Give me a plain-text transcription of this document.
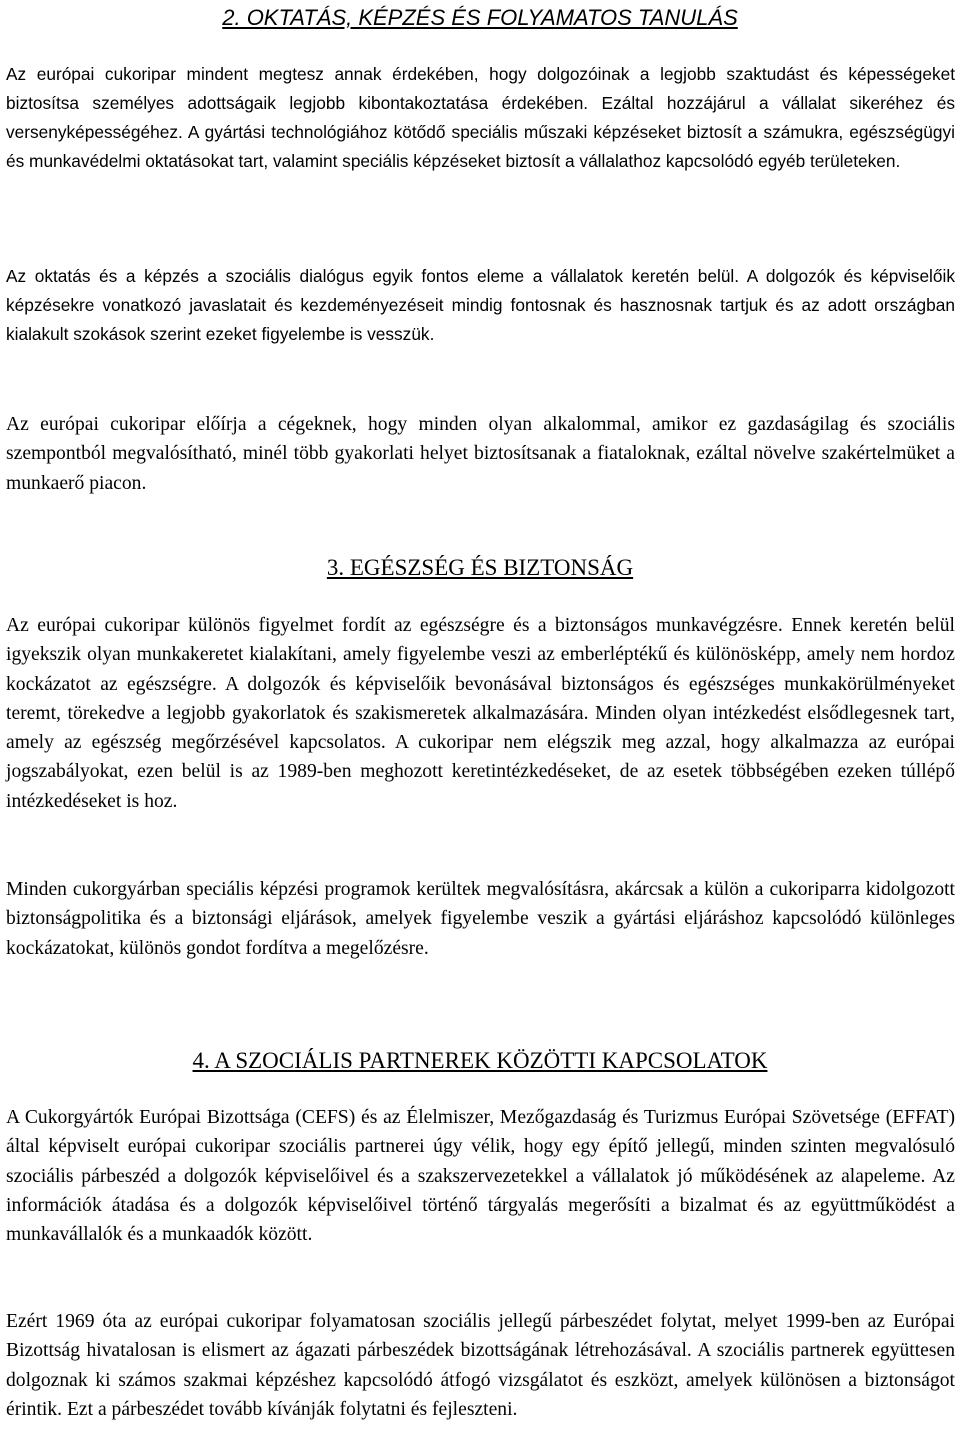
2. OKTATÁS, KÉPZÉS ÉS FOLYAMATOS TANULÁS

Az európai cukoripar mindent megtesz annak érdekében, hogy dolgozóinak a legjobb szaktudást és képességeket biztosítsa személyes adottságaik legjobb kibontakoztatása érdekében. Ezáltal hozzájárul a vállalat sikeréhez és versenyképességéhez. A gyártási technológiához kötődő speciális műszaki képzéseket biztosít a számukra, egészségügyi és munkavédelmi oktatásokat tart, valamint speciális képzéseket biztosít a vállalathoz kapcsolódó egyéb területeken.

Az oktatás és a képzés a szociális dialógus egyik fontos eleme a vállalatok keretén belül. A dolgozók és képviselőik képzésekre vonatkozó javaslatait és kezdeményezéseit mindig fontosnak és hasznosnak tartjuk és az adott országban kialakult szokások szerint ezeket figyelembe is vesszük.

Az európai cukoripar előírja a cégeknek, hogy minden olyan alkalommal, amikor ez gazdaságilag és szociális szempontból megvalósítható, minél több gyakorlati helyet biztosítsanak a fiataloknak, ezáltal növelve szakértelmüket a munkaerő piacon.

3. EGÉSZSÉG ÉS BIZTONSÁG

Az európai cukoripar különös figyelmet fordít az egészségre és a biztonságos munkavégzésre. Ennek keretén belül igyekszik olyan munkakeretet kialakítani, amely figyelembe veszi az emberléptékű és különösképp, amely nem hordoz kockázatot az egészségre. A dolgozók és képviselőik bevonásával biztonságos és egészséges munkakörülményeket teremt, törekedve a legjobb gyakorlatok és szakismeretek alkalmazására. Minden olyan intézkedést elsődlegesnek tart, amely az egészség megőrzésével kapcsolatos. A cukoripar nem elégszik meg azzal, hogy alkalmazza az európai jogszabályokat, ezen belül is az 1989-ben meghozott keretintézkedéseket, de az esetek többségében ezeken túllépő intézkedéseket is hoz.

Minden cukorgyárban speciális képzési programok kerültek megvalósításra, akárcsak a külön a cukoriparra kidolgozott biztonságpolitika és a biztonsági eljárások, amelyek figyelembe veszik a gyártási eljáráshoz kapcsolódó különleges kockázatokat, különös gondot fordítva a megelőzésre.

4. A SZOCIÁLIS PARTNEREK KÖZÖTTI KAPCSOLATOK

A Cukorgyártók Európai Bizottsága (CEFS) és az Élelmiszer, Mezőgazdaság és Turizmus Európai Szövetsége (EFFAT) által képviselt európai cukoripar szociális partnerei úgy vélik, hogy egy építő jellegű, minden szinten megvalósuló szociális párbeszéd a dolgozók képviselőivel és a szakszervezetekkel a vállalatok jó működésének az alapeleme. Az információk átadása és a dolgozók képviselőivel történő tárgyalás megerősíti a bizalmat és az együttműködést a munkavállalók és a munkaadók között.

Ezért 1969 óta az európai cukoripar folyamatosan szociális jellegű párbeszédet folytat, melyet 1999-ben az Európai Bizottság hivatalosan is elismert az ágazati párbeszédek bizottságának létrehozásával. A szociális partnerek együttesen dolgoznak ki számos szakmai képzéshez kapcsolódó átfogó vizsgálatot és eszközt, amelyek különösen a biztonságot érintik. Ezt a párbeszédet tovább kívánják folytatni és fejleszteni.
